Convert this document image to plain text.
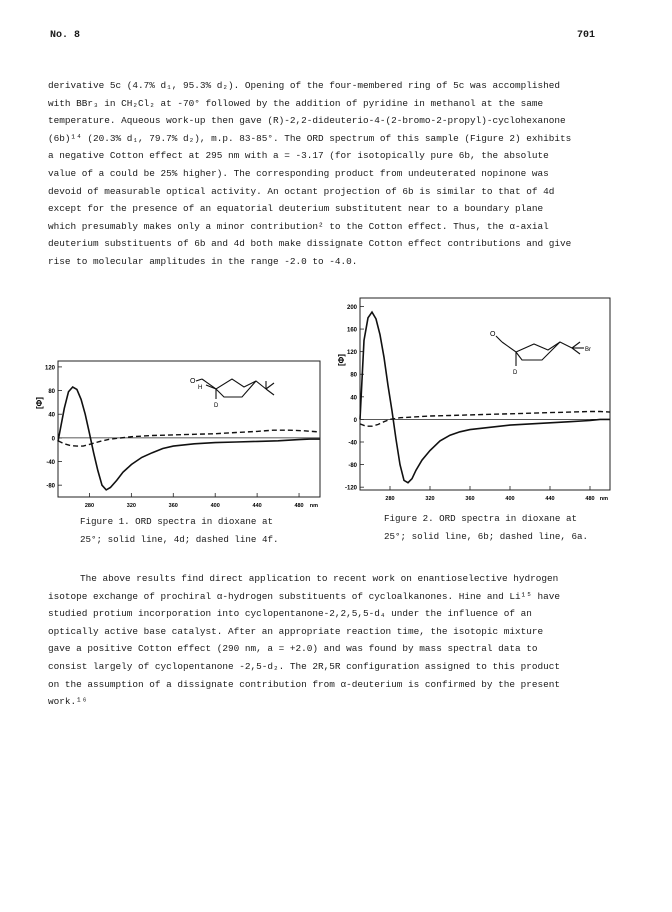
No. 8	701
derivative 5c (4.7% d₁, 95.3% d₂). Opening of the four-membered ring of 5c was accomplished
with BBr₃ in CH₂Cl₂ at -70° followed by the addition of pyridine in methanol at the same
temperature. Aqueous work-up then gave (R)-2,2-dideuterio-4-(2-bromo-2-propyl)-cyclohexanone
(6b)¹⁴ (20.3% d₁, 79.7% d₂), m.p. 83-85°. The ORD spectrum of this sample (Figure 2) exhibits
a negative Cotton effect at 295 nm with a = -3.17 (for isotopically pure 6b, the absolute
value of a could be 25% higher). The corresponding product from undeuterated nopinone was
devoid of measurable optical activity. An octant projection of 6b is similar to that of 4d
except for the presence of an equatorial deuterium substitutent near to a boundary plane
which presumably makes only a minor contribution² to the Cotton effect. Thus, the α-axial
deuterium substituents of 6b and 4d both make dissignate Cotton effect contributions and give
rise to molecular amplitudes in the range -2.0 to -4.0.
[Φ]
-80
-40
0
40
80
120
280	320	360	400	440	480 nm
O
H
D
Figure 1. ORD spectra in dioxane at
25°; solid line, 4d; dashed line 4f.
[Φ]
-120
-80
-40
0
40
80
120
160
200
280	320	360	400	440	480 nm
O
D
Br
Figure 2. ORD spectra in dioxane at
25°; solid line, 6b; dashed line, 6a.
The above results find direct application to recent work on enantioselective hydrogen
isotope exchange of prochiral α-hydrogen substituents of cycloalkanones. Hine and Li¹⁵ have
studied protium incorporation into cyclopentanone-2,2,5,5-d₄ under the influence of an
optically active base catalyst. After an appropriate reaction time, the isotopic mixture
gave a positive Cotton effect (290 nm, a = +2.0) and was found by mass spectral data to
consist largely of cyclopentanone -2,5-d₂. The 2R,5R configuration assigned to this product
on the assumption of a dissignate contribution from α-deuterium is confirmed by the present
work.¹⁶
